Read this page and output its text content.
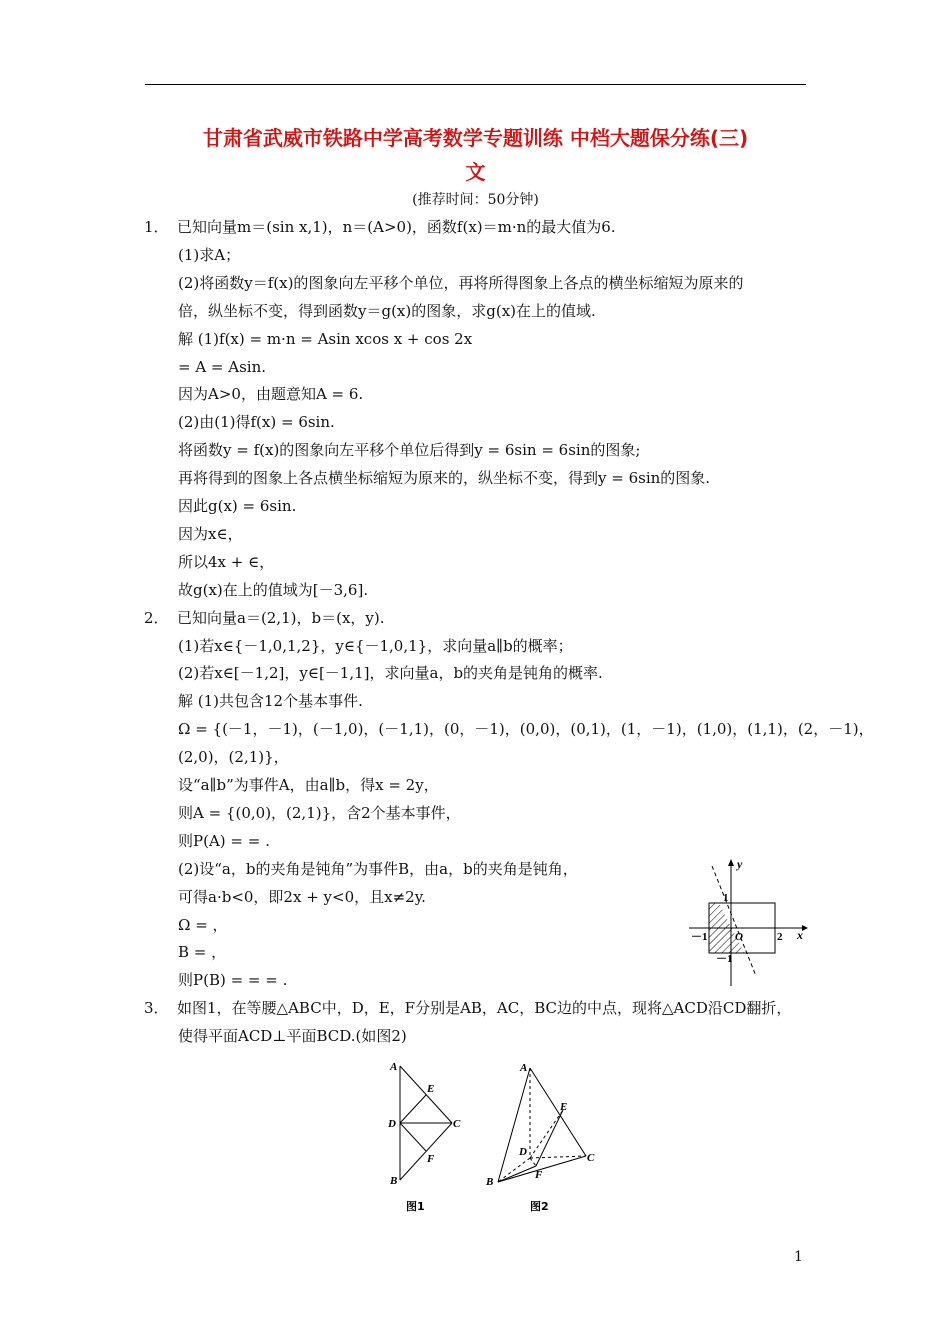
甘肃省武威市铁路中学高考数学专题训练 中档大题保分练(三)
文
(推荐时间：50分钟)
1． 已知向量m＝(sin x,1)，n＝(A>0)，函数f(x)＝m·n的最大值为6.
(1)求A；
(2)将函数y＝f(x)的图象向左平移个单位，再将所得图象上各点的横坐标缩短为原来的
倍，纵坐标不变，得到函数y＝g(x)的图象，求g(x)在上的值域.
解 (1)f(x) = m·n = Asin xcos x + cos 2x
= A = Asin.
因为A>0，由题意知A = 6.
(2)由(1)得f(x) = 6sin.
将函数y = f(x)的图象向左平移个单位后得到y = 6sin = 6sin的图象;
再将得到的图象上各点横坐标缩短为原来的，纵坐标不变，得到y = 6sin的图象.
因此g(x) = 6sin.
因为x∈，
所以4x + ∈，
故g(x)在上的值域为[－3,6].
2． 已知向量a＝(2,1)，b＝(x，y).
(1)若x∈{－1,0,1,2}，y∈{－1,0,1}，求向量a∥b的概率；
(2)若x∈[－1,2]，y∈[－1,1]，求向量a，b的夹角是钝角的概率.
解 (1)共包含12个基本事件.
Ω = {(－1，－1)，(－1,0)，(－1,1)，(0，－1)，(0,0)，(0,1)，(1，－1)，(1,0)，(1,1)，(2，－1)，
(2,0)，(2,1)}，
设“a∥b”为事件A，由a∥b，得x = 2y，
则A = {(0,0)，(2,1)}，含2个基本事件，
则P(A) = = .
(2)设“a，b的夹角是钝角”为事件B，由a，b的夹角是钝角，
可得a·b<0，即2x + y<0，且x≠2y.
Ω = ，
B = ，
则P(B) = = = .
3． 如图1，在等腰△ABC中，D，E，F分别是AB，AC，BC边的中点，现将△ACD沿CD翻折，
使得平面ACD⊥平面BCD.(如图2)
y
x
1
－1	O	2
－1
A
E
D	C
F
B
图1
A
E
D	C
F
B
图2
1
